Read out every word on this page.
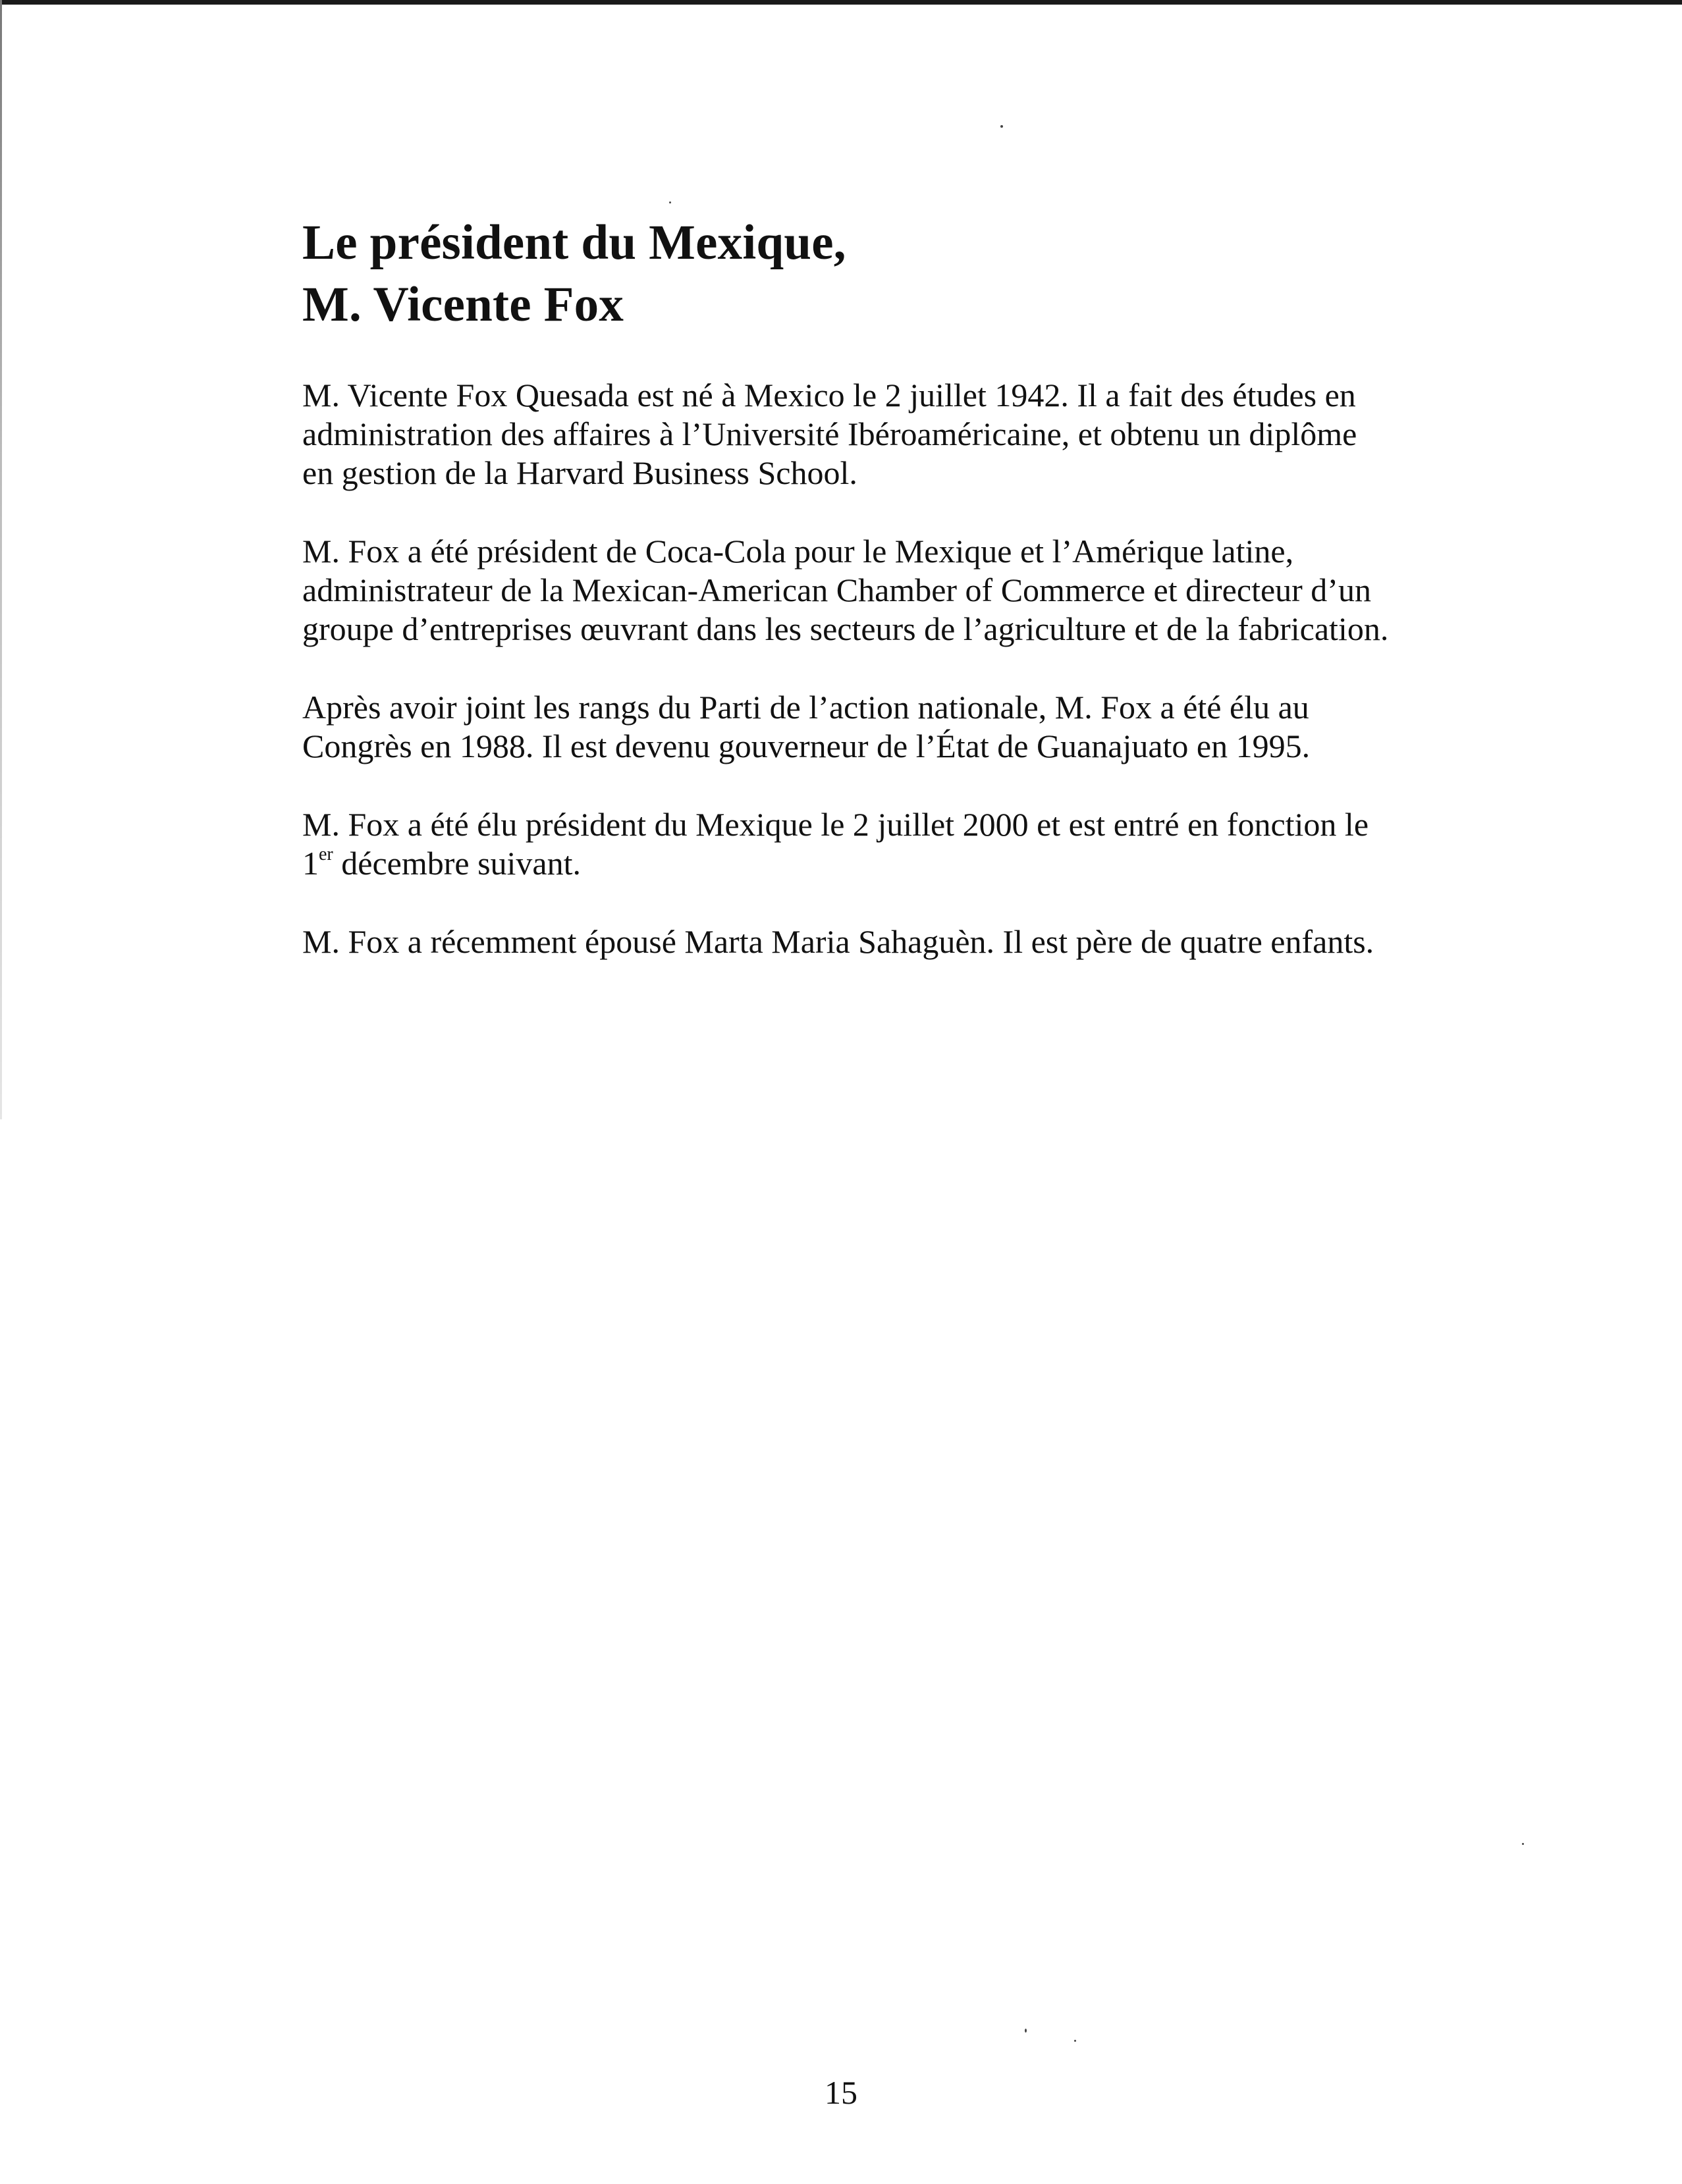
Le président du Mexique,
M. Vicente Fox

M. Vicente Fox Quesada est né à Mexico le 2 juillet 1942. Il a fait des études en
administration des affaires à l’Université Ibéroaméricaine, et obtenu un diplôme
en gestion de la Harvard Business School.

M. Fox a été président de Coca-Cola pour le Mexique et l’Amérique latine,
administrateur de la Mexican-American Chamber of Commerce et directeur d’un
groupe d’entreprises œuvrant dans les secteurs de l’agriculture et de la fabrication.

Après avoir joint les rangs du Parti de l’action nationale, M. Fox a été élu au
Congrès en 1988. Il est devenu gouverneur de l’État de Guanajuato en 1995.

M. Fox a été élu président du Mexique le 2 juillet 2000 et est entré en fonction le
1er décembre suivant.

M. Fox a récemment épousé Marta Maria Sahaguèn. Il est père de quatre enfants.

15
